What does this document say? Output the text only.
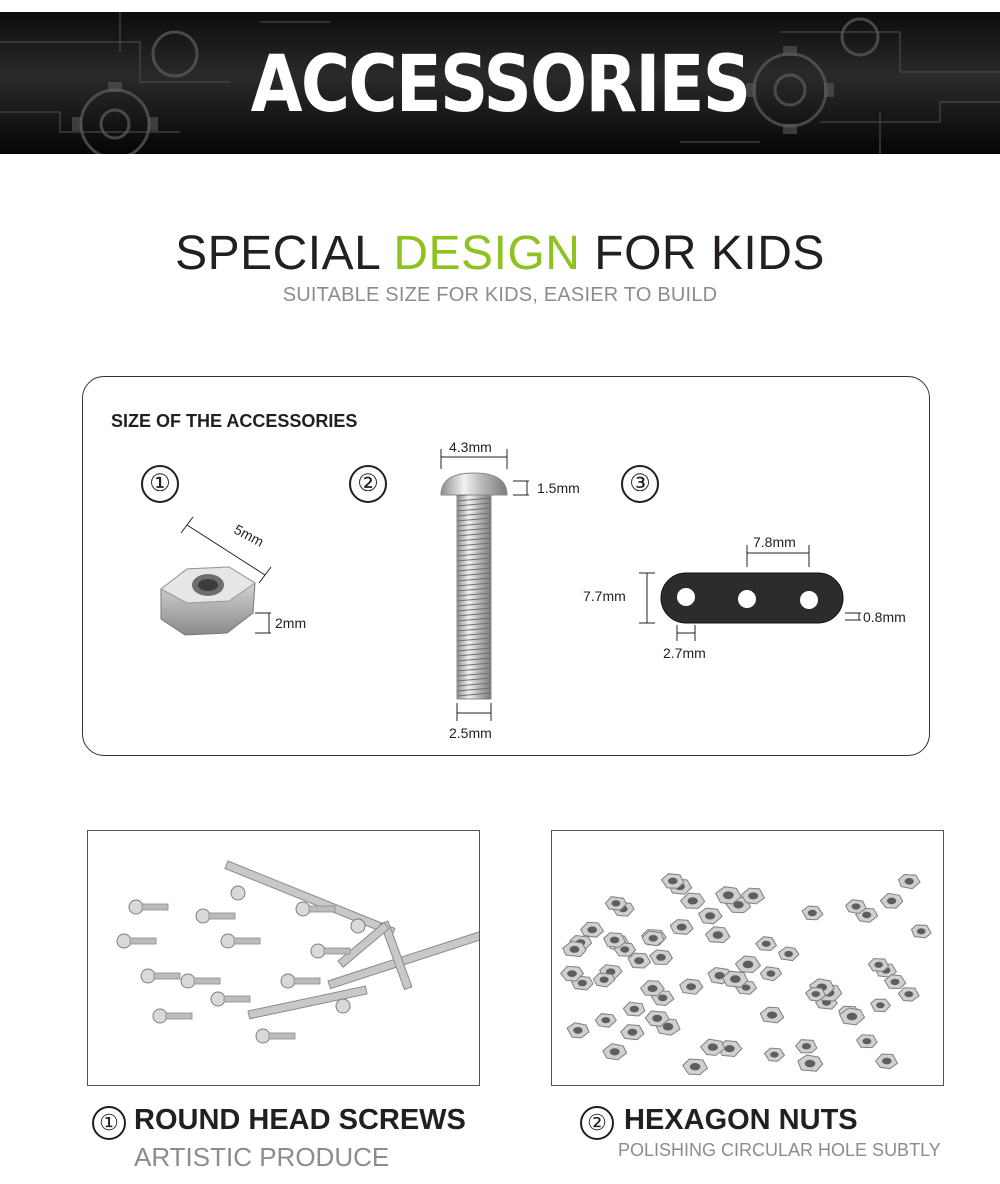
ACCESSORIES
SPECIAL DESIGN FOR KIDS
SUITABLE SIZE FOR KIDS, EASIER TO BUILD
SIZE OF THE ACCESSORIES
①	②	③
5mm
2mm
4.3mm
1.5mm
2.5mm
7.8mm
7.7mm
0.8mm
2.7mm
① ROUND HEAD SCREWS
ARTISTIC PRODUCE
② HEXAGON NUTS
POLISHING CIRCULAR HOLE SUBTLY
